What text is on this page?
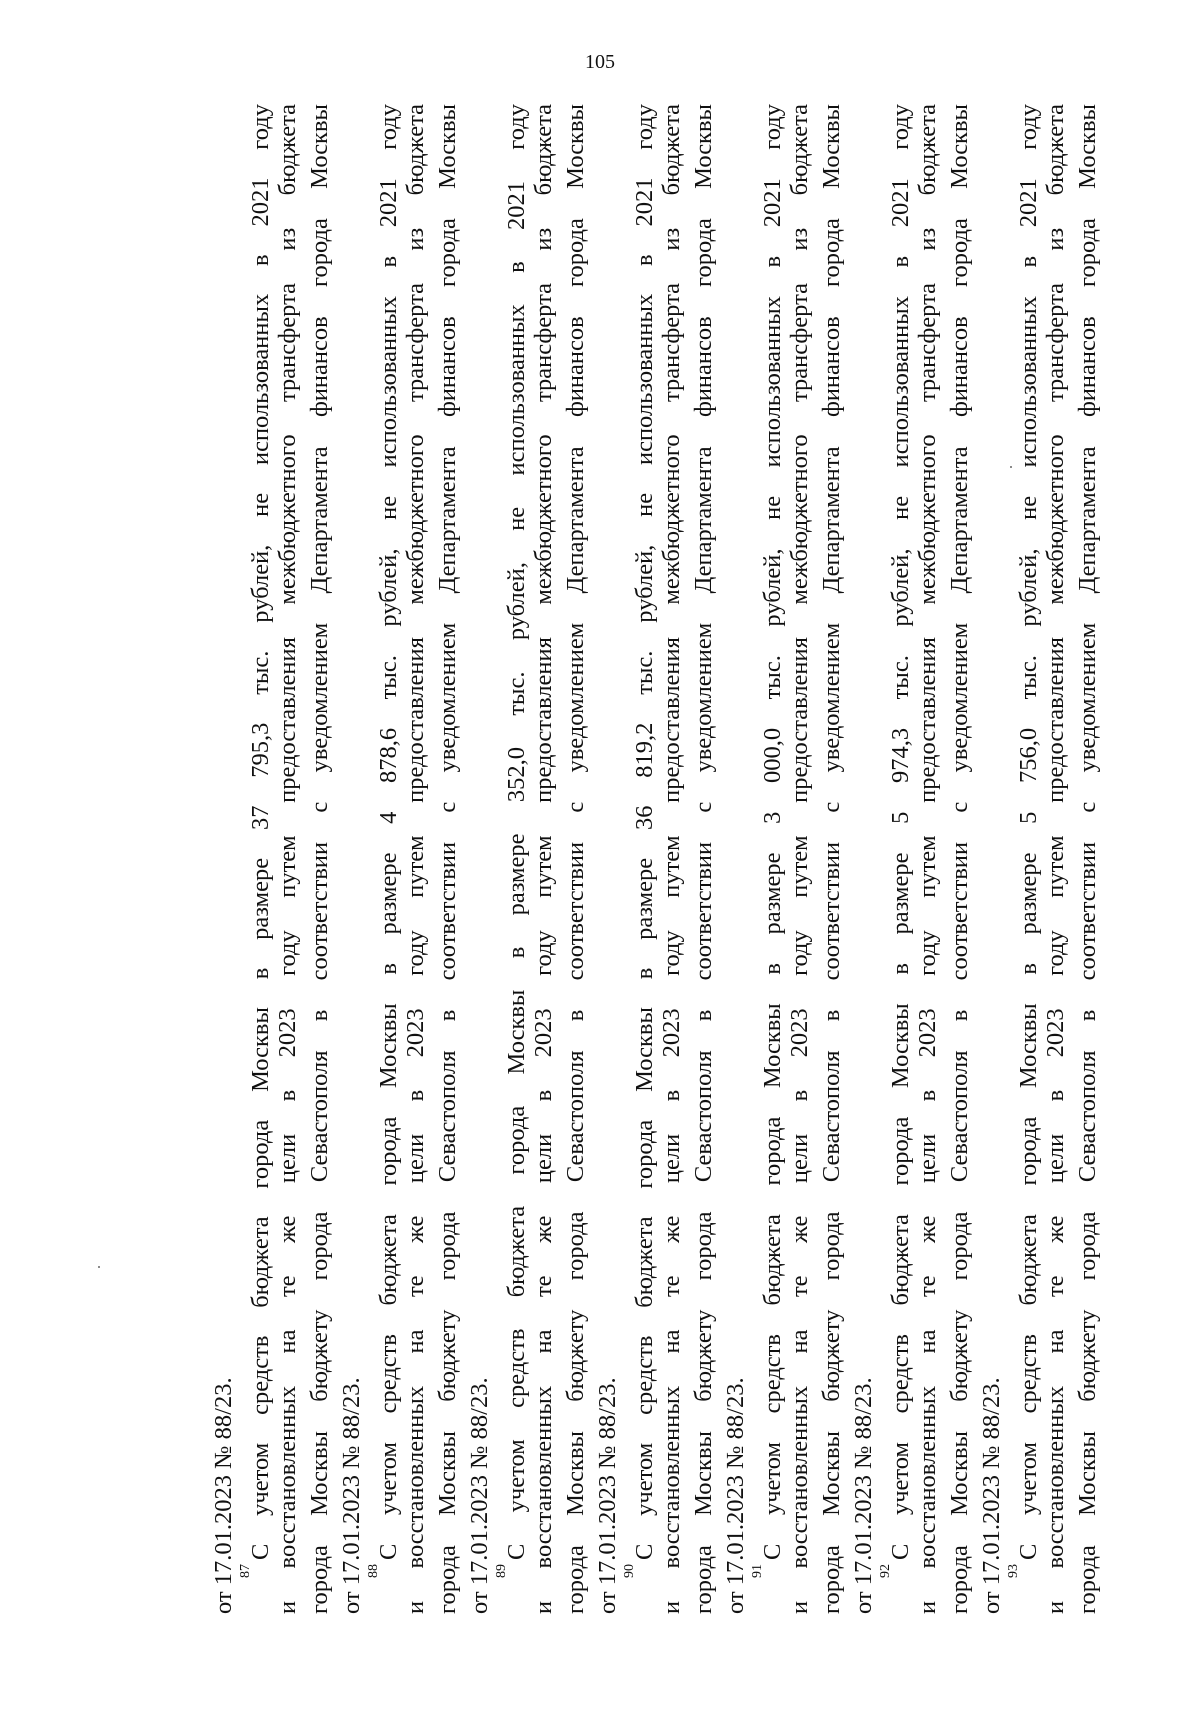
105
от 17.01.2023 № 88/23. $^{87}$С учетом средств бюджета города Москвы в размере 37 795,3 тыс. рублей, не использованных в 2021 году и восстановленных на те же цели в 2023 году путем предоставления межбюджетного трансферта из бюджета города Москвы бюджету города Севастополя в соответствии с уведомлением Департамента финансов города Москвы от 17.01.2023 № 88/23. $^{88}$С учетом средств бюджета города Москвы в размере 4 878,6 тыс. рублей, не использованных в 2021 году и восстановленных на те же цели в 2023 году путем предоставления межбюджетного трансферта из бюджета города Москвы бюджету города Севастополя в соответствии с уведомлением Департамента финансов города Москвы от 17.01.2023 № 88/23. $^{89}$С учетом средств бюджета города Москвы в размере 352,0 тыс. рублей, не использованных в 2021 году и восстановленных на те же цели в 2023 году путем предоставления межбюджетного трансферта из бюджета города Москвы бюджету города Севастополя в соответствии с уведомлением Департамента финансов города Москвы от 17.01.2023 № 88/23. $^{90}$С учетом средств бюджета города Москвы в размере 36 819,2 тыс. рублей, не использованных в 2021 году и восстановленных на те же цели в 2023 году путем предоставления межбюджетного трансферта из бюджета города Москвы бюджету города Севастополя в соответствии с уведомлением Департамента финансов города Москвы от 17.01.2023 № 88/23. $^{91}$С учетом средств бюджета города Москвы в размере 3 000,0 тыс. рублей, не использованных в 2021 году и восстановленных на те же цели в 2023 году путем предоставления межбюджетного трансферта из бюджета города Москвы бюджету города Севастополя в соответствии с уведомлением Департамента финансов города Москвы от 17.01.2023 № 88/23. $^{92}$С учетом средств бюджета города Москвы в размере 5 974,3 тыс. рублей, не использованных в 2021 году и восстановленных на те же цели в 2023 году путем предоставления межбюджетного трансферта из бюджета города Москвы бюджету города Севастополя в соответствии с уведомлением Департамента финансов города Москвы от 17.01.2023 № 88/23. $^{93}$С учетом средств бюджета города Москвы в размере 5 756,0 тыс. рублей, не использованных в 2021 году и восстановленных на те же цели в 2023 году путем предоставления межбюджетного трансферта из бюджета города Москвы бюджету города Севастополя в соответствии с уведомлением Департамента финансов города Москвы
